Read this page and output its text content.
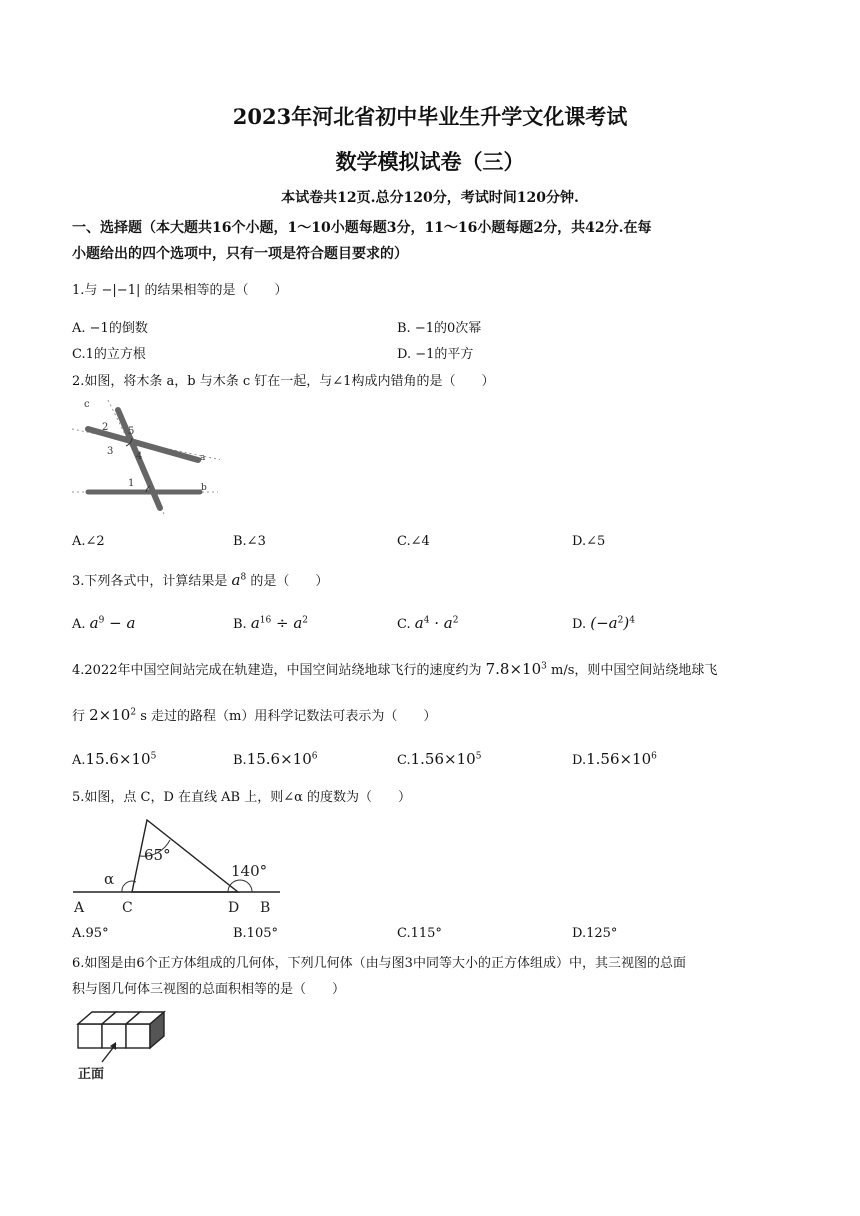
2023年河北省初中毕业生升学文化课考试
数学模拟试卷（三）
本试卷共12页.总分120分，考试时间120分钟.
一、选择题（本大题共16个小题，1～10小题每题3分，11～16小题每题2分，共42分.在每
小题给出的四个选项中，只有一项是符合题目要求的）
1.与 −|−1| 的结果相等的是（　　）
A. −1的倒数	B. −1的0次幂
C.1的立方根	D. −1的平方
2.如图，将木条 a，b 与木条 c 钉在一起，与∠1构成内错角的是（　　）
c
2 5
3 4	a
1	b
A.∠2	B.∠3	C.∠4	D.∠5
3.下列各式中，计算结果是 $a^8$ 的是（　　）
A. $a^9 - a$	B. $a^{16} \div a^2$	C. $a^4 \cdot a^2$	D. $(-a^2)^4$
4.2022年中国空间站完成在轨建造，中国空间站绕地球飞行的速度约为 $7.8\times 10^3$ m/s，则中国空间站绕地球飞
行 $2\times 10^2$ s 走过的路程（m）用科学记数法可表示为（　　）
$A.15.6\times 10^5$	$B.15.6\times 10^6$	$C.1.56\times 10^5$	$D.1.56\times 10^6$
5.如图，点 C，D 在直线 AB 上，则∠α 的度数为（　　）
65°
140°
α
A	C	D B
A.95°	B.105°	C.115°	D.125°
6.如图是由6个正方体组成的几何体，下列几何体（由与图3中同等大小的正方体组成）中，其三视图的总面
积与图几何体三视图的总面积相等的是（　　）
正面
